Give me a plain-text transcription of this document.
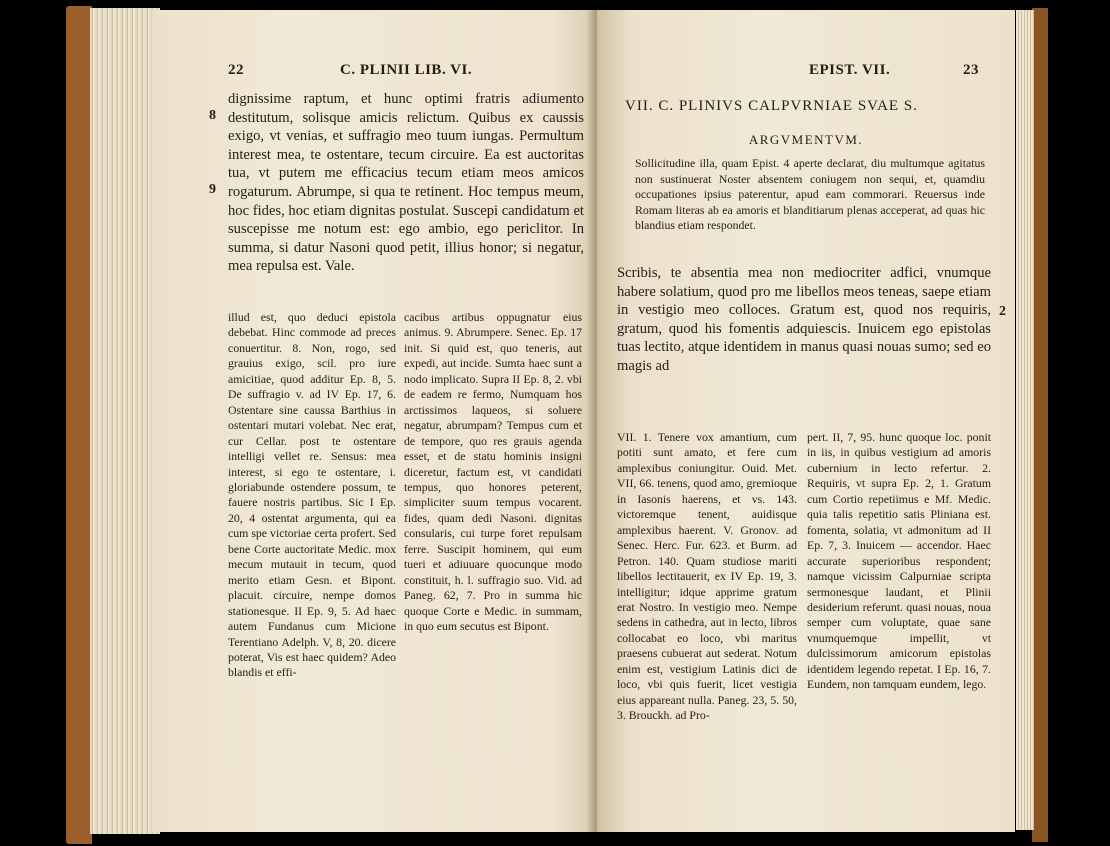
22	C. PLINII LIB. VI.
8
9

dignissime raptum, et hunc optimi fratris adiumento destitutum, solisque amicis relictum. Quibus ex caussis exigo, vt venias, et suffragio meo tuum iungas. Permultum interest mea, te ostentare, tecum circuire. Ea est auctoritas tua, vt putem me efficacius tecum etiam meos amicos rogaturum. Abrumpe, si qua te retinent. Hoc tempus meum, hoc fides, hoc etiam dignitas postulat. Suscepi candidatum et suscepisse me notum est: ego ambio, ego periclitor. In summa, si datur Nasoni quod petit, illius honor; si negatur, mea repulsa est. Vale.

illud est, quo deduci epistola debebat. Hinc commode ad preces conuertitur. 8. Non, rogo, sed grauius exigo, scil. pro iure amicitiae, quod additur Ep. 8, 5. De suffragio v. ad IV Ep. 17, 6. Ostentare sine caussa Barthius in ostentari mutari volebat. Nec erat, cur Cellar. post te ostentare intelligi vellet re. Sensus: mea interest, si ego te ostentare, i. gloriabunde ostendere possum, te fauere nostris partibus. Sic I Ep. 20, 4 ostentat argumenta, qui ea cum spe victoriae certa profert. Sed bene Corte auctoritate Medic. mox mecum mutauit in tecum, quod merito etiam Gesn. et Bipont. placuit. circuire, nempe domos stationesque. II Ep. 9, 5. Ad haec autem Fundanus cum Micione Terentiano Adelph. V, 8, 20. dicere poterat, Vis est haec quidem? Adeo blandis et effi-

cacibus artibus oppugnatur eius animus. 9. Abrumpere. Senec. Ep. 17 init. Si quid est, quo teneris, aut expedi, aut incide. Sumta haec sunt a nodo implicato. Supra II Ep. 8, 2. vbi de eadem re fermo, Numquam hos arctissimos laqueos, si soluere negatur, abrumpam? Tempus cum et de tempore, quo res grauis agenda esset, et de statu hominis insigni diceretur, factum est, vt candidati tempus, quo honores peterent, simpliciter suum tempus vocarent. fides, quam dedi Nasoni. dignitas consularis, cui turpe foret repulsam ferre. Suscipit hominem, qui eum tueri et adiuuare quocunque modo constituit, h. l. suffragio suo. Vid. ad Paneg. 62, 7. Pro in summa hic quoque Corte e Medic. in summam, in quo eum secutus est Bipont.

EPIST. VII.	23
VII. C. PLINIVS CALPVRNIAE SVAE S.
ARGVMENTVM.

Sollicitudine illa, quam Epist. 4 aperte declarat, diu multumque agitatus non sustinuerat Noster absentem coniugem non sequi, et, quamdiu occupationes ipsius paterentur, apud eam commorari. Reuersus inde Romam literas ab ea amoris et blanditiarum plenas acceperat, ad quas hic blandius etiam respondet.

2

Scribis, te absentia mea non mediocriter adfici, vnumque habere solatium, quod pro me libellos meos teneas, saepe etiam in vestigio meo colloces. Gratum est, quod nos requiris, gratum, quod his fomentis adquiescis. Inuicem ego epistolas tuas lectito, atque identidem in manus quasi nouas sumo; sed eo magis ad

VII. 1. Tenere vox amantium, cum potiti sunt amato, et fere cum amplexibus coniungitur. Ouid. Met. VII, 66. tenens, quod amo, gremioque in Iasonis haerens, et vs. 143. victoremque tenent, auidisque amplexibus haerent. V. Gronov. ad Senec. Herc. Fur. 623. et Burm. ad Petron. 140. Quam studiose mariti libellos lectitauerit, ex IV Ep. 19, 3. intelligitur; idque apprime gratum erat Nostro. In vestigio meo. Nempe sedens in cathedra, aut in lecto, libros collocabat eo loco, vbi maritus praesens cubuerat aut sederat. Notum enim est, vestigium Latinis dici de loco, vbi quis fuerit, licet vestigia eius appareant nulla. Paneg. 23, 5. 50, 3. Brouckh. ad Pro-

pert. II, 7, 95. hunc quoque loc. ponit in iis, in quibus vestigium ad amoris cubernium in lecto refertur. 2. Requiris, vt supra Ep. 2, 1. Gratum cum Cortio repetiimus e Mf. Medic. quia talis repetitio satis Pliniana est. fomenta, solatia, vt admonitum ad II Ep. 7, 3. Inuicem — accendor. Haec accurate superioribus respondent; namque vicissim Calpurniae scripta sermonesque laudant, et Plinii desiderium referunt. quasi nouas, noua semper cum voluptate, quae sane vnumquemque impellit, vt dulcissimorum amicorum epistolas identidem legendo repetat. I Ep. 16, 7. Eundem, non tamquam eundem, lego.
